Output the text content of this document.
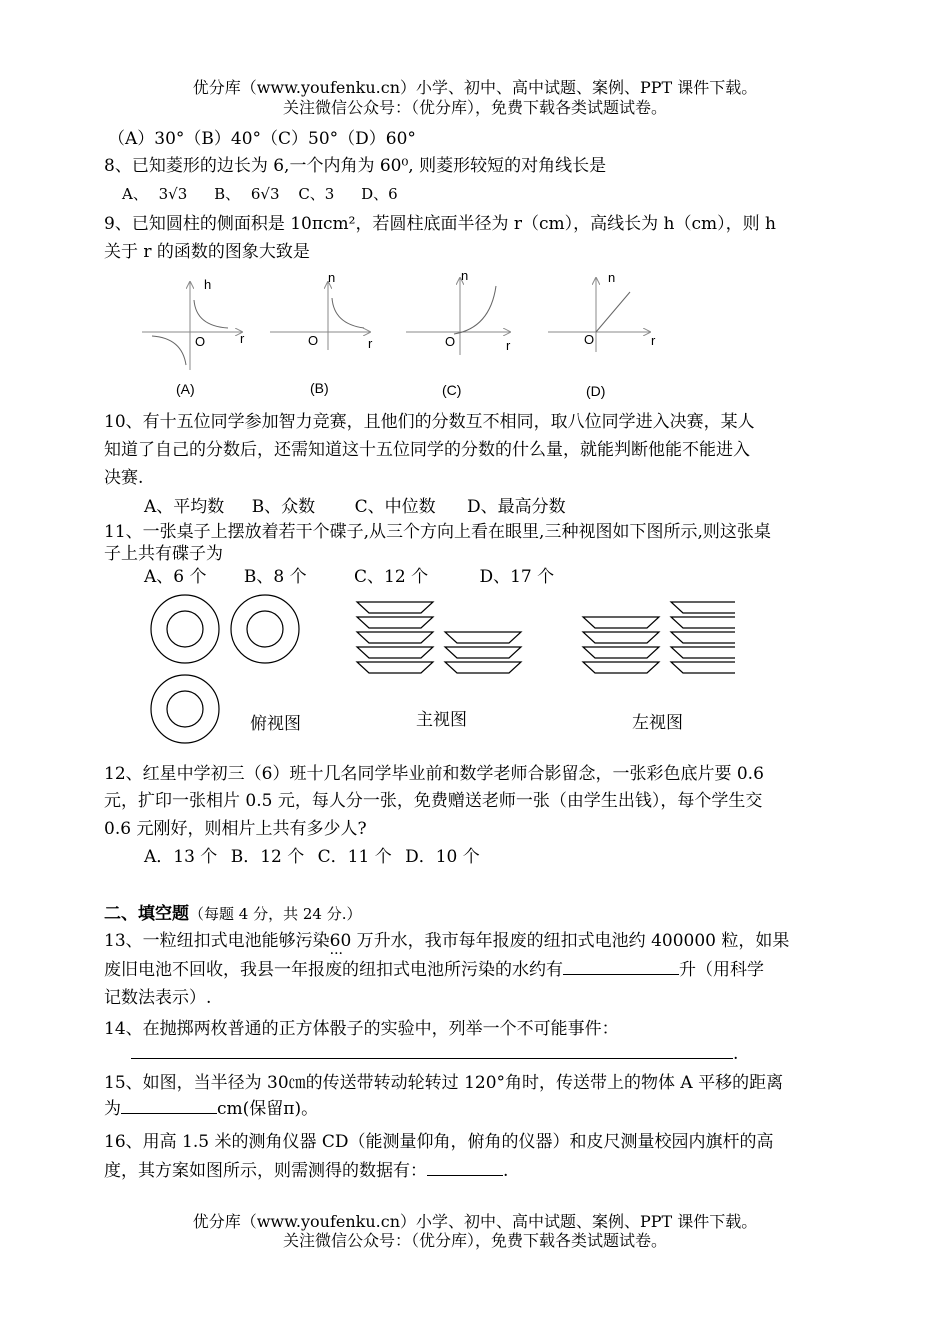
优分库（www.youfenku.cn）小学、初中、高中试题、案例、PPT 课件下载。
关注微信公众号：（优分库），免费下载各类试题试卷。
（A）30°（B）40°（C）50°（D）60°
8、已知菱形的边长为 6,一个内角为 60⁰, 则菱形较短的对角线长是
A、 3√3 B、 6√3 C、3 D、6
9、已知圆柱的侧面积是 10πcm²，若圆柱底面半径为 r（cm），高线长为 h（cm），则 h
关于 r 的函数的图象大致是
h
O	r
(A)
n
O	r
(B)
n
O	r
(C)
n
O	r
(D)
10、有十五位同学参加智力竞赛，且他们的分数互不相同，取八位同学进入决赛，某人
知道了自己的分数后，还需知道这十五位同学的分数的什么量，就能判断他能不能进入
决赛.
A、平均数 B、众数 C、中位数 D、最高分数
11、一张桌子上摆放着若干个碟子,从三个方向上看在眼里,三种视图如下图所示,则这张桌
子上共有碟子为
A、6 个 B、8 个	C、12 个	D、17 个
俯视图	主视图	左视图
12、红星中学初三（6）班十几名同学毕业前和数学老师合影留念，一张彩色底片要 0.6
元，扩印一张相片 0.5 元，每人分一张，免费赠送老师一张（由学生出钱），每个学生交
0.6 元刚好，则相片上共有多少人?
A．13 个 B．12 个 C．11 个 D．10 个
二、填空题（每题 4 分，共 24 分.）
13、一粒纽扣式电池能够污染60 万 ···升水，我市每年报废的纽扣式电池约 400000 粒，如果
废旧电池不回收，我县一年报废的纽扣式电池所污染的水约有	升（用科学
记数法表示）.
14、在抛掷两枚普通的正方体骰子的实验中，列举一个不可能事件：
.
15、如图，当半径为 30㎝的传送带转动轮转过 120°角时，传送带上的物体 A 平移的距离
为	cm(保留π)。
16、用高 1.5 米的测角仪器 CD（能测量仰角，俯角的仪器）和皮尺测量校园内旗杆的高
度，其方案如图所示，则需测得的数据有：	.
优分库（www.youfenku.cn）小学、初中、高中试题、案例、PPT 课件下载。
关注微信公众号：（优分库），免费下载各类试题试卷。
